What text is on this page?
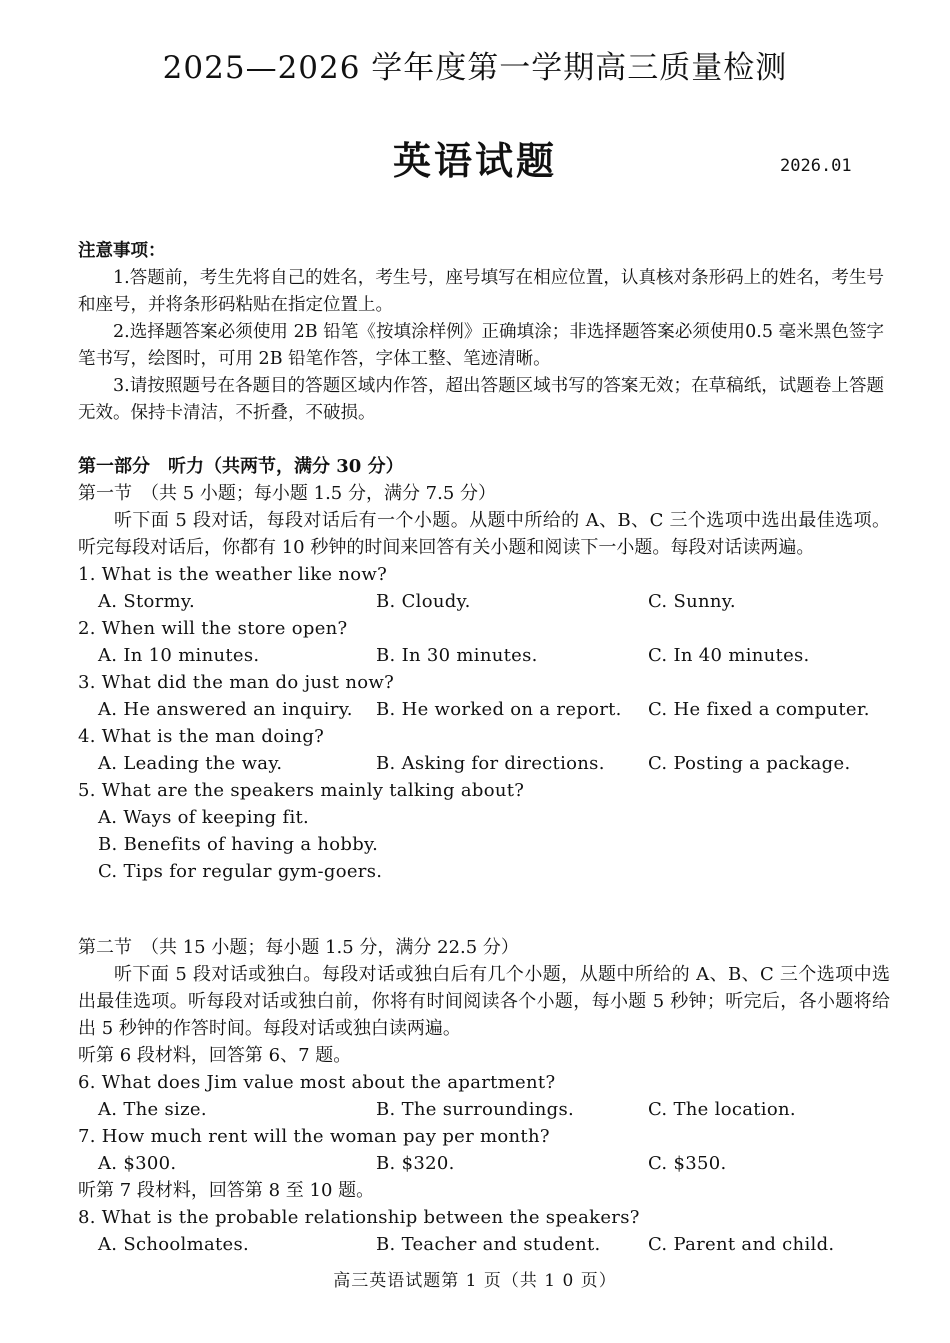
2025—2026 学年度第一学期高三质量检测
英语试题	2026.01
注意事项：

1.答题前，考生先将自己的姓名，考生号，座号填写在相应位置，认真核对条形码上的姓名，考生号和座号，并将条形码粘贴在指定位置上。

2.选择题答案必须使用 2B 铅笔《按填涂样例》正确填涂；非选择题答案必须使用0.5 毫米黑色签字笔书写，绘图时，可用 2B 铅笔作答，字体工整、笔迹清晰。

3.请按照题号在各题目的答题区域内作答，超出答题区域书写的答案无效；在草稿纸，试题卷上答题无效。保持卡清洁，不折叠，不破损。

第一部分　听力（共两节，满分 30 分）
第一节　（共 5 小题；每小题 1.5 分，满分 7.5 分）
听下面 5 段对话，每段对话后有一个小题。从题中所给的 A、B、C 三个选项中选出最佳选项。听完每段对话后，你都有 10 秒钟的时间来回答有关小题和阅读下一小题。每段对话读两遍。
1. What is the weather like now?
A. Stormy.	B. Cloudy.	C. Sunny.
2. When will the store open?
A. In 10 minutes.	B. In 30 minutes.	C. In 40 minutes.
3. What did the man do just now?
A. He answered an inquiry. B. He worked on a report. C. He fixed a computer.
4. What is the man doing?
A. Leading the way.	B. Asking for directions. C. Posting a package.
5. What are the speakers mainly talking about?
A. Ways of keeping fit.
B. Benefits of having a hobby.
C. Tips for regular gym-goers.
第二节　（共 15 小题；每小题 1.5 分，满分 22.5 分）
听下面 5 段对话或独白。每段对话或独白后有几个小题，从题中所给的 A、B、C 三个选项中选出最佳选项。听每段对话或独白前，你将有时间阅读各个小题，每小题 5 秒钟；听完后，各小题将给出 5 秒钟的作答时间。每段对话或独白读两遍。
听第 6 段材料，回答第 6、7 题。
6. What does Jim value most about the apartment?
A. The size.	B. The surroundings.	C. The location.
7. How much rent will the woman pay per month?
A. $300.	B. $320.	C. $350.
听第 7 段材料，回答第 8 至 10 题。
8. What is the probable relationship between the speakers?
A. Schoolmates.	B. Teacher and student.	C. Parent and child.
高三英语试题第 1 页（共 1 0 页）
